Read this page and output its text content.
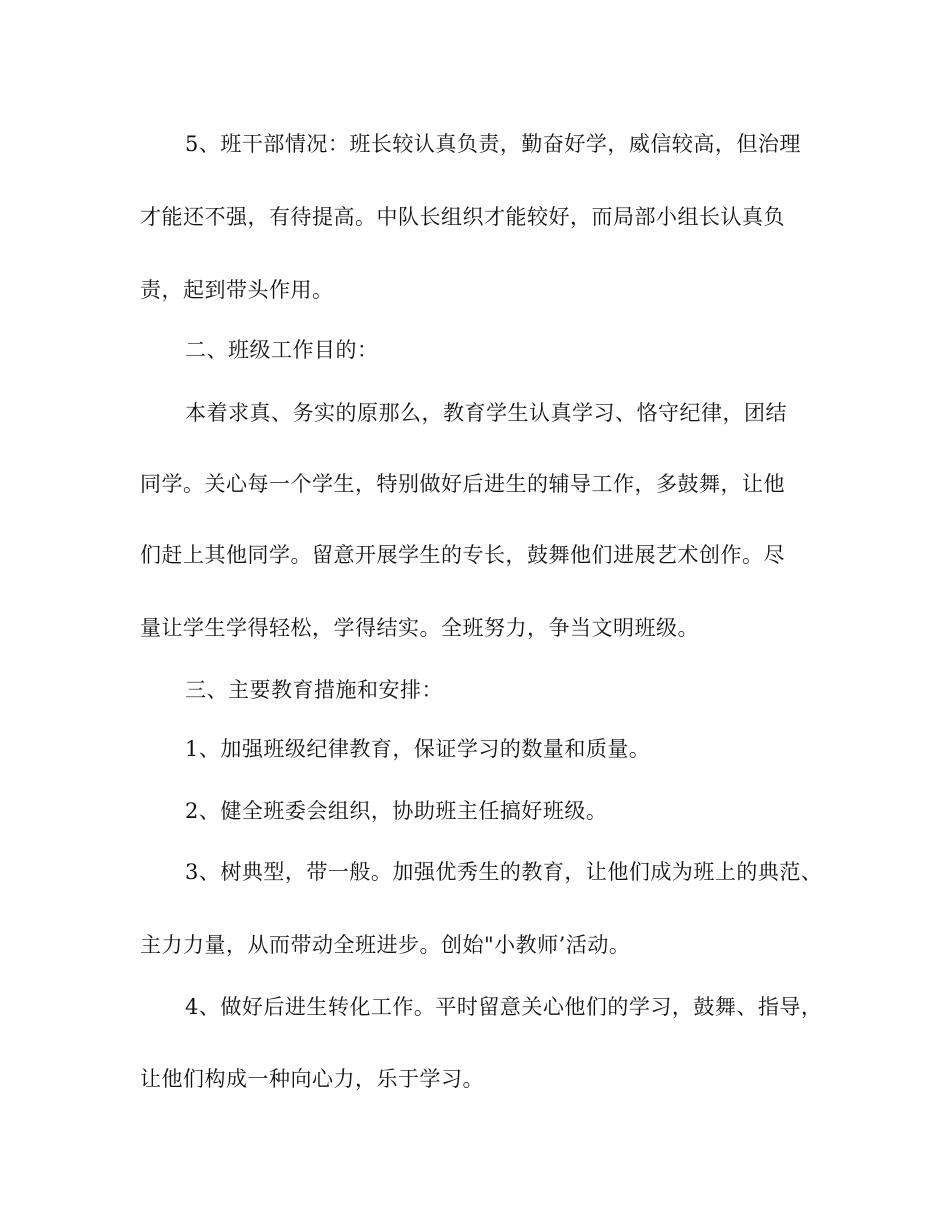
5、班干部情况：班长较认真负责，勤奋好学，威信较高，但治理
才能还不强，有待提高。中队长组织才能较好，而局部小组长认真负
责，起到带头作用。
二、班级工作目的：
本着求真、务实的原那么，教育学生认真学习、恪守纪律，团结
同学。关心每一个学生，特别做好后进生的辅导工作，多鼓舞，让他
们赶上其他同学。留意开展学生的专长，鼓舞他们进展艺术创作。尽
量让学生学得轻松，学得结实。全班努力，争当文明班级。
三、主要教育措施和安排：
1、加强班级纪律教育，保证学习的数量和质量。
2、健全班委会组织，协助班主任搞好班级。
3、树典型，带一般。加强优秀生的教育，让他们成为班上的典范、
主力力量，从而带动全班进步。创始"小教师’活动。
4、做好后进生转化工作。平时留意关心他们的学习，鼓舞、指导，
让他们构成一种向心力，乐于学习。
